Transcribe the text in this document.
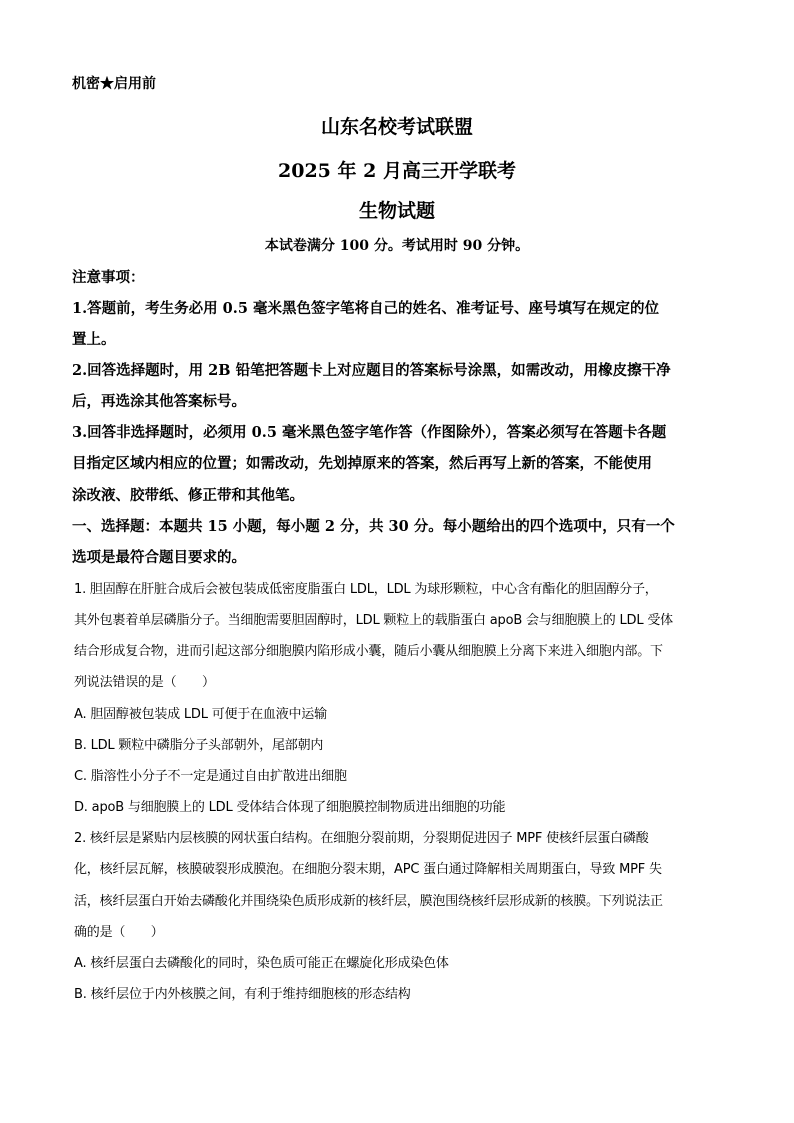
机密★启用前
山东名校考试联盟
2025 年 2 月高三开学联考
生物试题
本试卷满分 100 分。考试用时 90 分钟。
注意事项：
1.答题前，考生务必用 0.5 毫米黑色签字笔将自己的姓名、准考证号、座号填写在规定的位
置上。
2.回答选择题时，用 2B 铅笔把答题卡上对应题目的答案标号涂黑，如需改动，用橡皮擦干净
后，再选涂其他答案标号。
3.回答非选择题时，必须用 0.5 毫米黑色签字笔作答（作图除外），答案必须写在答题卡各题
目指定区域内相应的位置；如需改动，先划掉原来的答案，然后再写上新的答案，不能使用
涂改液、胶带纸、修正带和其他笔。
一、选择题：本题共 15 小题，每小题 2 分，共 30 分。每小题给出的四个选项中，只有一个
选项是最符合题目要求的。
1. 胆固醇在肝脏合成后会被包装成低密度脂蛋白 LDL，LDL 为球形颗粒，中心含有酯化的胆固醇分子，
其外包裹着单层磷脂分子。当细胞需要胆固醇时，LDL 颗粒上的载脂蛋白 apoB 会与细胞膜上的 LDL 受体
结合形成复合物，进而引起这部分细胞膜内陷形成小囊，随后小囊从细胞膜上分离下来进入细胞内部。下
列说法错误的是（　　）
A. 胆固醇被包装成 LDL 可便于在血液中运输
B. LDL 颗粒中磷脂分子头部朝外，尾部朝内
C. 脂溶性小分子不一定是通过自由扩散进出细胞
D. apoB 与细胞膜上的 LDL 受体结合体现了细胞膜控制物质进出细胞的功能
2. 核纤层是紧贴内层核膜的网状蛋白结构。在细胞分裂前期，分裂期促进因子 MPF 使核纤层蛋白磷酸
化，核纤层瓦解，核膜破裂形成膜泡。在细胞分裂末期，APC 蛋白通过降解相关周期蛋白，导致 MPF 失
活，核纤层蛋白开始去磷酸化并围绕染色质形成新的核纤层，膜泡围绕核纤层形成新的核膜。下列说法正
确的是（　　）
A. 核纤层蛋白去磷酸化的同时，染色质可能正在螺旋化形成染色体
B. 核纤层位于内外核膜之间，有利于维持细胞核的形态结构
